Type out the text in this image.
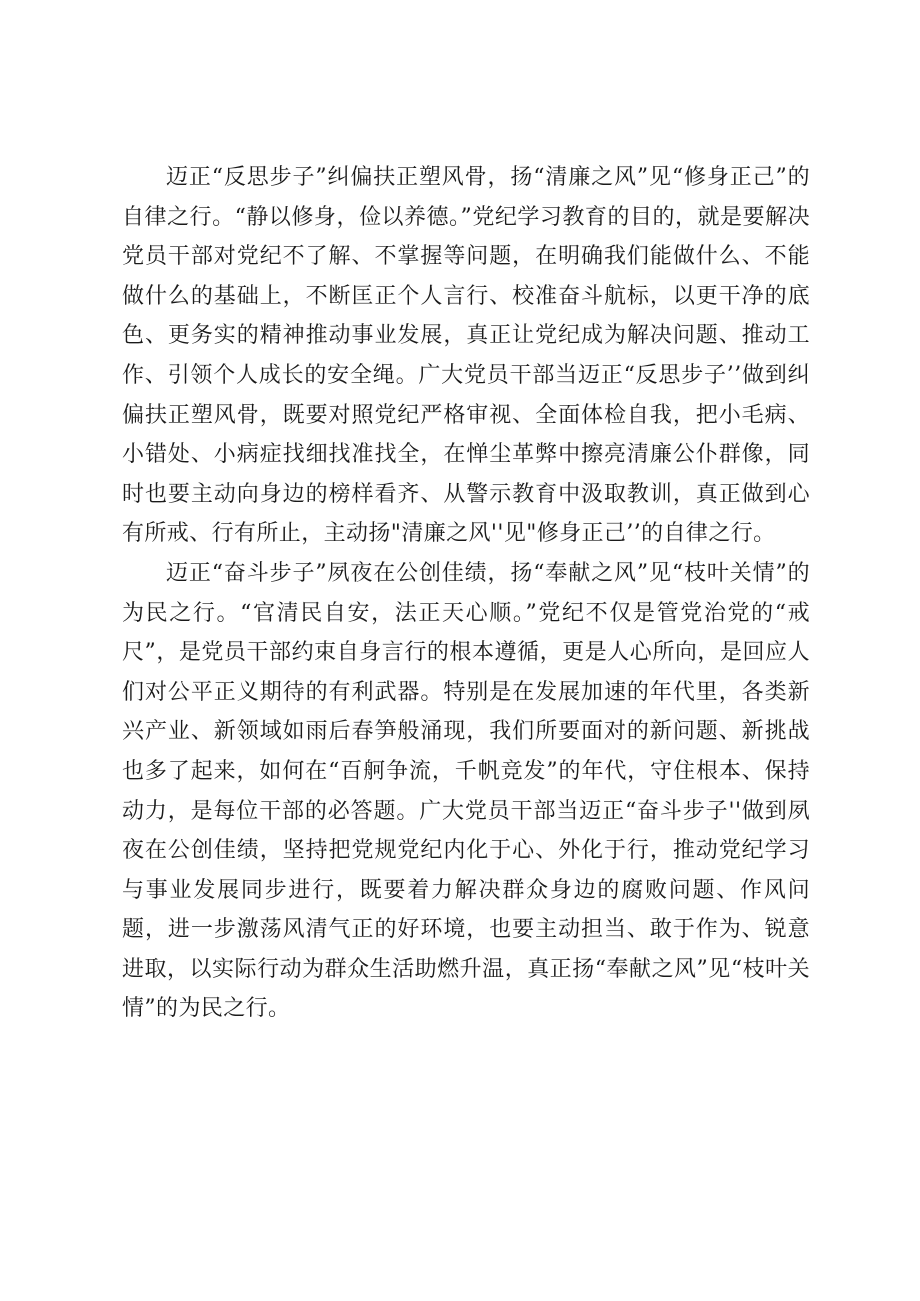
迈正“反思步子”纠偏扶正塑风骨，扬“清廉之风”见“修身正己”的自律之行。“静以修身，俭以养德。”党纪学习教育的目的，就是要解决党员干部对党纪不了解、不掌握等问题，在明确我们能做什么、不能做什么的基础上，不断匡正个人言行、校准奋斗航标，以更干净的底色、更务实的精神推动事业发展，真正让党纪成为解决问题、推动工作、引领个人成长的安全绳。广大党员干部当迈正“反思步子’’做到纠偏扶正塑风骨，既要对照党纪严格审视、全面体检自我，把小毛病、小错处、小病症找细找准找全，在惮尘革弊中擦亮清廉公仆群像，同时也要主动向身边的榜样看齐、从警示教育中汲取教训，真正做到心有所戒、行有所止，主动扬"清廉之风''见"修身正己’’的自律之行。

迈正“奋斗步子”夙夜在公创佳绩，扬“奉献之风”见“枝叶关情”的为民之行。“官清民自安，法正天心顺。”党纪不仅是管党治党的“戒尺”，是党员干部约束自身言行的根本遵循，更是人心所向，是回应人们对公平正义期待的有利武器。特别是在发展加速的年代里，各类新兴产业、新领域如雨后春笋般涌现，我们所要面对的新问题、新挑战也多了起来，如何在“百舸争流，千帆竞发”的年代，守住根本、保持动力，是每位干部的必答题。广大党员干部当迈正“奋斗步子''做到夙夜在公创佳绩，坚持把党规党纪内化于心、外化于行，推动党纪学习与事业发展同步进行，既要着力解决群众身边的腐败问题、作风问题，进一步激荡风清气正的好环境，也要主动担当、敢于作为、锐意进取，以实际行动为群众生活助燃升温，真正扬“奉献之风”见“枝叶关情”的为民之行。
